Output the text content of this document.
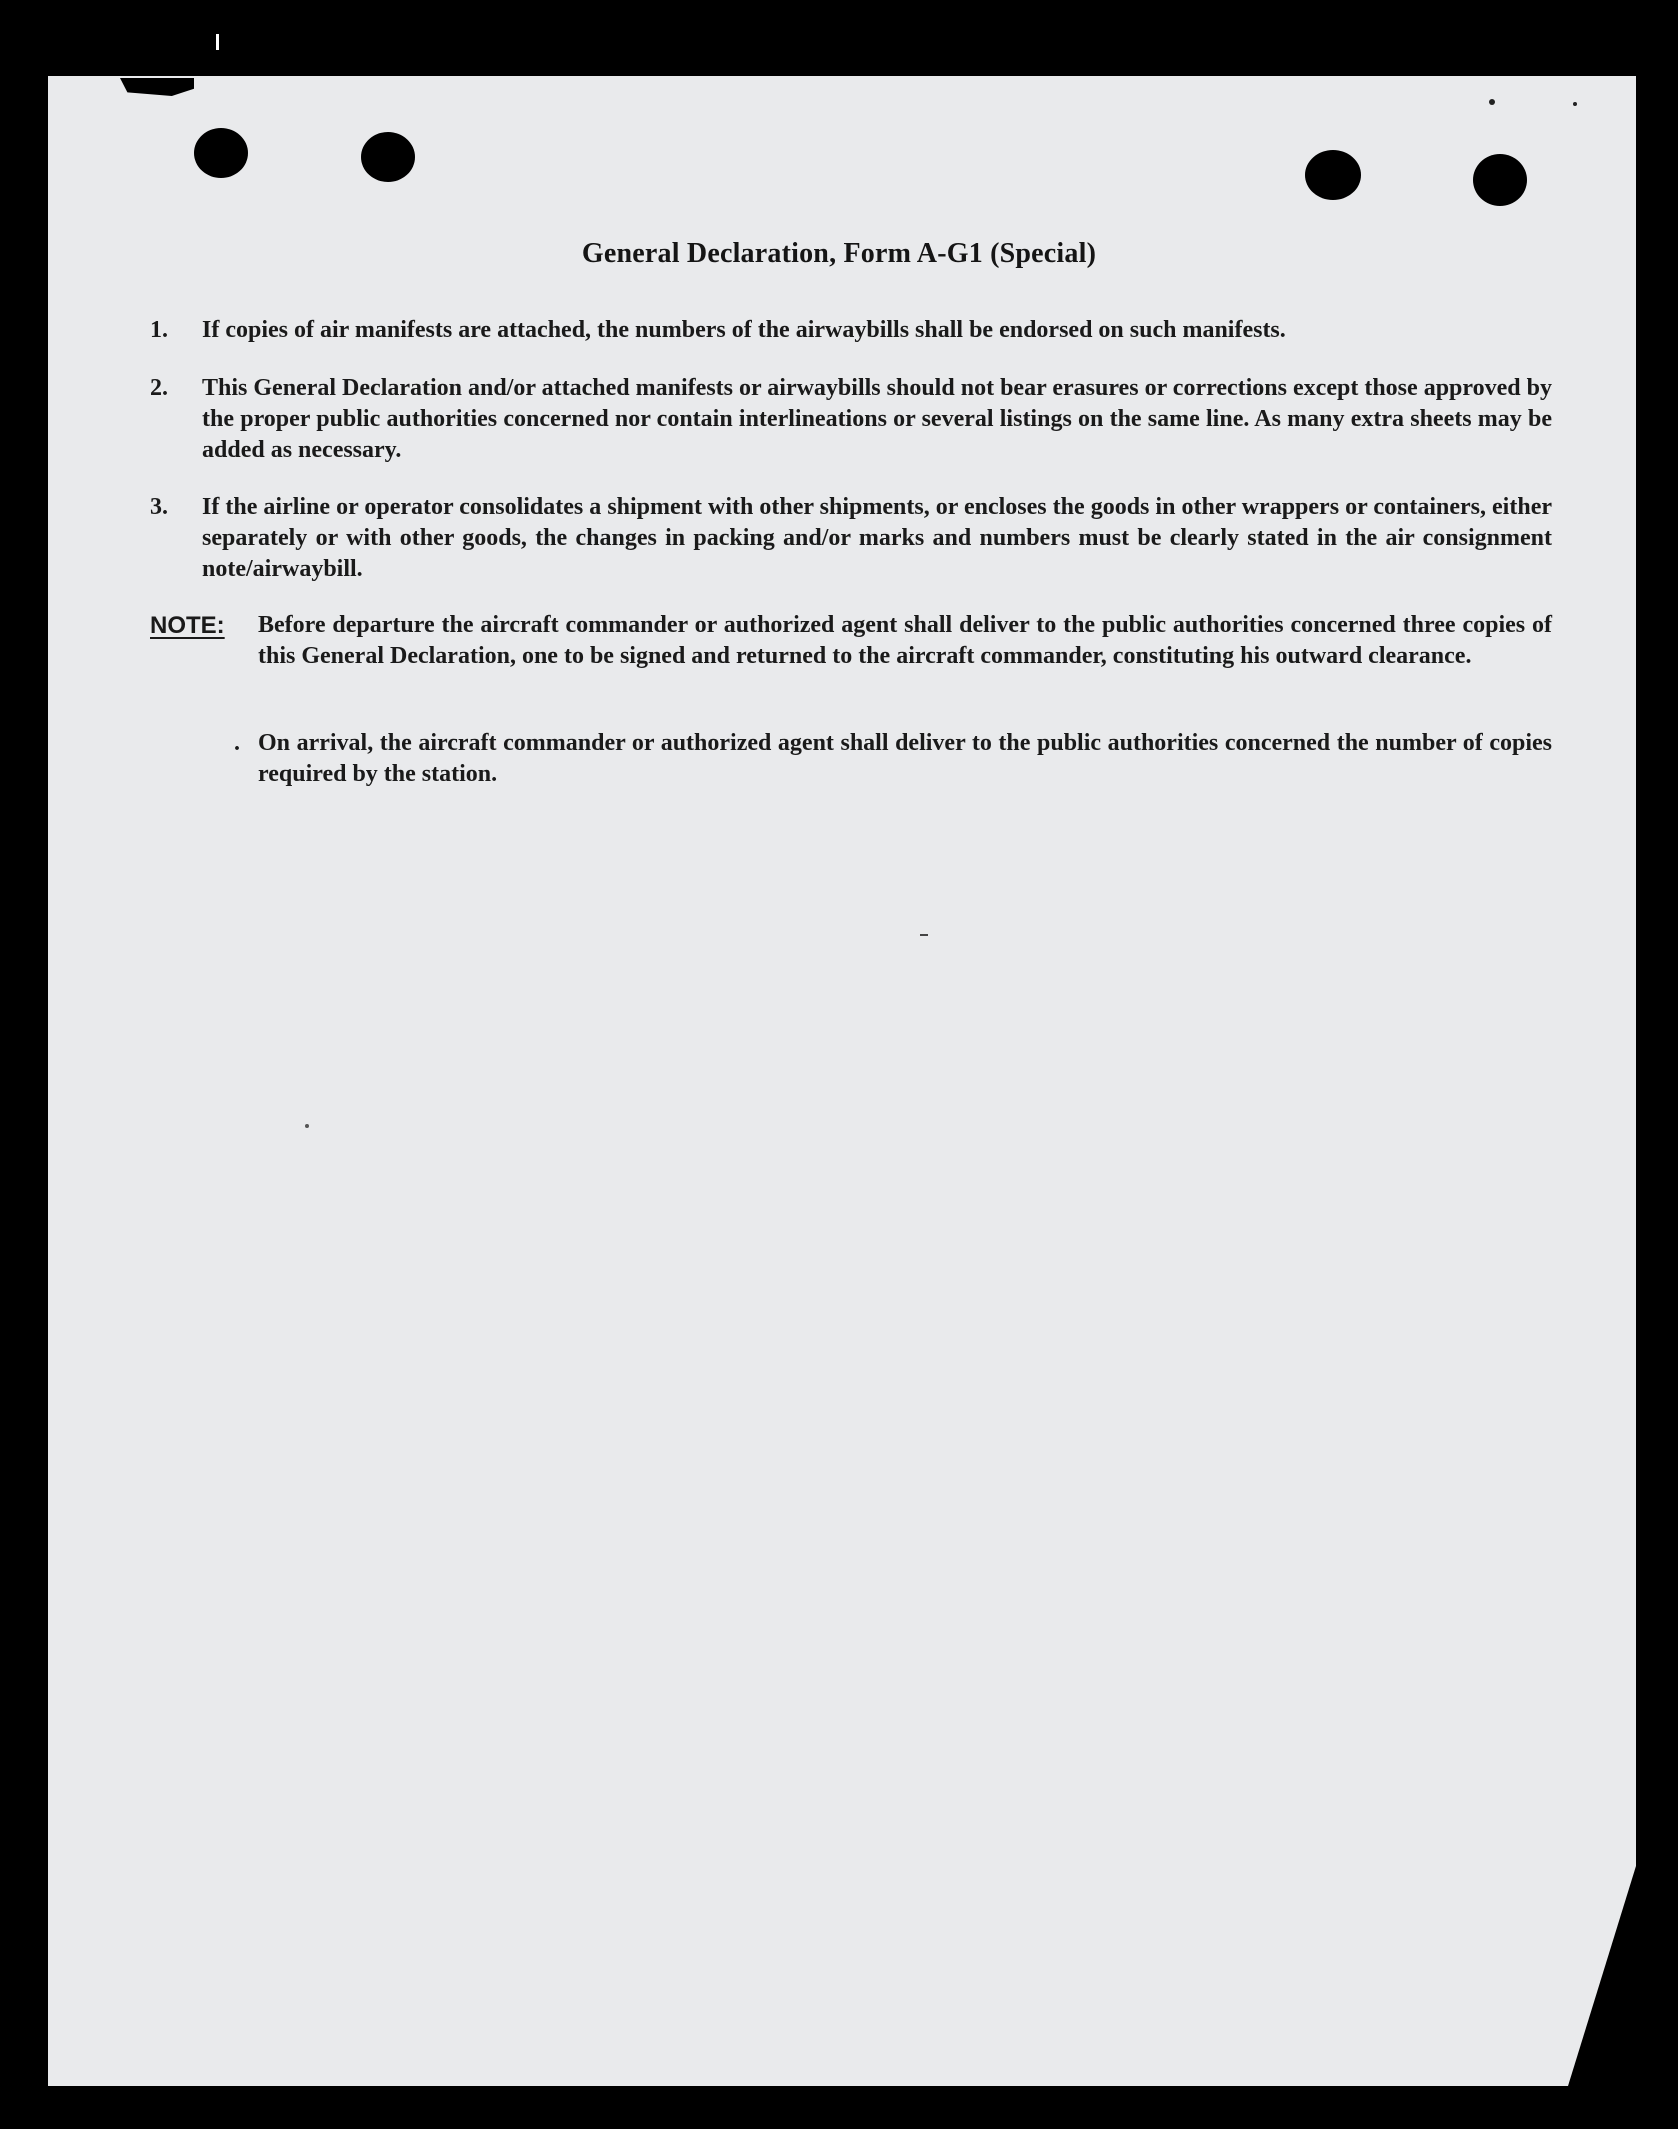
General Declaration, Form A-G1 (Special)
1.	If copies of air manifests are attached, the numbers of the airwaybills shall be endorsed on such manifests.
2.	This General Declaration and/or attached manifests or airwaybills should not bear erasures or corrections except those approved by the proper public authorities concerned nor contain interlineations or several listings on the same line. As many extra sheets may be added as necessary.
3.	If the airline or operator consolidates a shipment with other shipments, or encloses the goods in other wrappers or containers, either separately or with other goods, the changes in packing and/or marks and numbers must be clearly stated in the air consignment note/airwaybill.
NOTE: Before departure the aircraft commander or authorized agent shall deliver to the public authorities concerned three copies of this General Declaration, one to be signed and returned to the aircraft commander, constituting his outward clearance.
. On arrival, the aircraft commander or authorized agent shall deliver to the public authorities concerned the number of copies required by the station.
